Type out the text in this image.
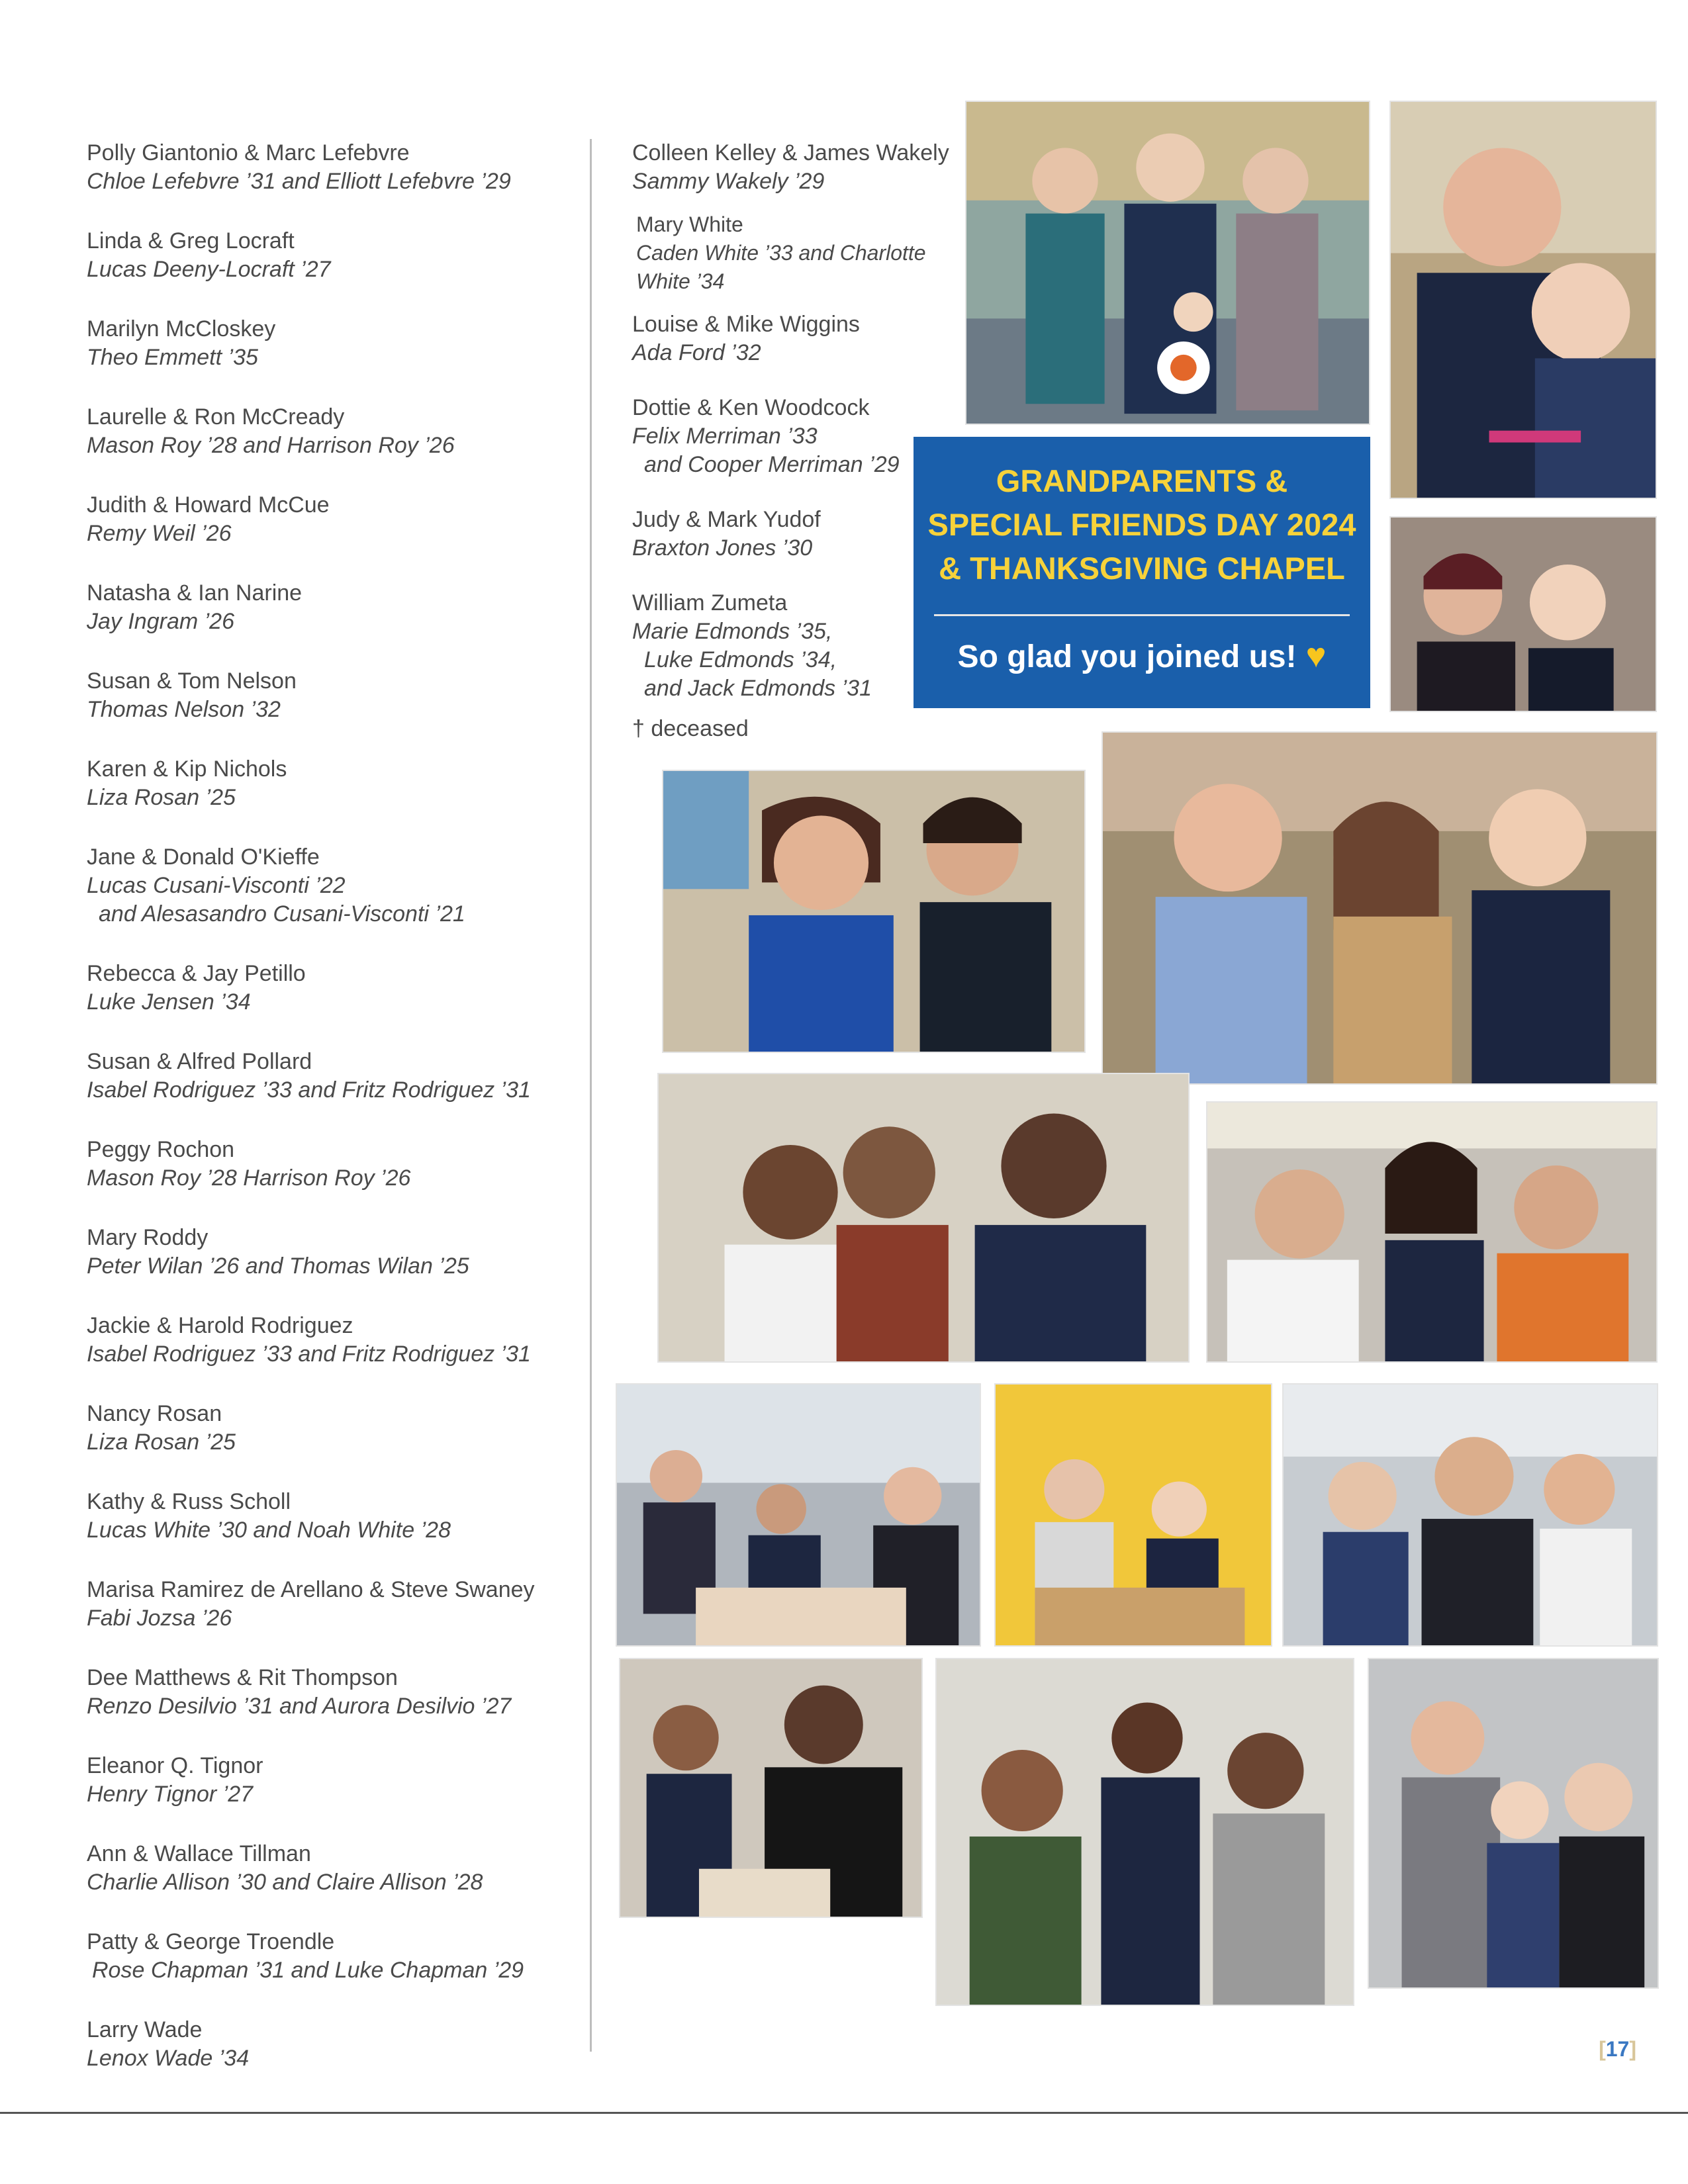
Polly Giantonio & Marc Lefebvre
Chloe Lefebvre ’31 and Elliott Lefebvre ’29
Linda & Greg Locraft
Lucas Deeny-Locraft ’27
Marilyn McCloskey
Theo Emmett ’35
Laurelle & Ron McCready
Mason Roy ’28 and Harrison Roy ’26
Judith & Howard McCue
Remy Weil ’26
Natasha & Ian Narine
Jay Ingram ’26
Susan & Tom Nelson
Thomas Nelson ’32
Karen & Kip Nichols
Liza Rosan ’25
Jane & Donald O'Kieffe
Lucas Cusani-Visconti ’22
and Alesasandro Cusani-Visconti ’21
Rebecca & Jay Petillo
Luke Jensen ’34
Susan & Alfred Pollard
Isabel Rodriguez ’33 and Fritz Rodriguez ’31
Peggy Rochon
Mason Roy ’28 Harrison Roy ’26
Mary Roddy
Peter Wilan ’26 and Thomas Wilan ’25
Jackie & Harold Rodriguez
Isabel Rodriguez ’33 and Fritz Rodriguez ’31
Nancy Rosan
Liza Rosan ’25
Kathy & Russ Scholl
Lucas White ’30 and Noah White ’28
Marisa Ramirez de Arellano & Steve Swaney
Fabi Jozsa ’26
Dee Matthews & Rit Thompson
Renzo Desilvio ’31 and Aurora Desilvio ’27
Eleanor Q. Tignor
Henry Tignor ’27
Ann & Wallace Tillman
Charlie Allison ’30 and Claire Allison ’28
Patty & George Troendle
Rose Chapman ’31 and Luke Chapman ’29
Larry Wade
Lenox Wade ’34
Colleen Kelley & James Wakely
Sammy Wakely ’29
Mary White
Caden White ’33 and Charlotte
White ’34
Louise & Mike Wiggins
Ada Ford ’32
Dottie & Ken Woodcock
Felix Merriman ’33
and Cooper Merriman ’29
Judy & Mark Yudof
Braxton Jones ’30
William Zumeta
Marie Edmonds ’35,
Luke Edmonds ’34,
and Jack Edmonds ’31
† deceased
GRANDPARENTS &
SPECIAL FRIENDS DAY 2024
& THANKSGIVING CHAPEL
So glad you joined us! ♥
[17]
